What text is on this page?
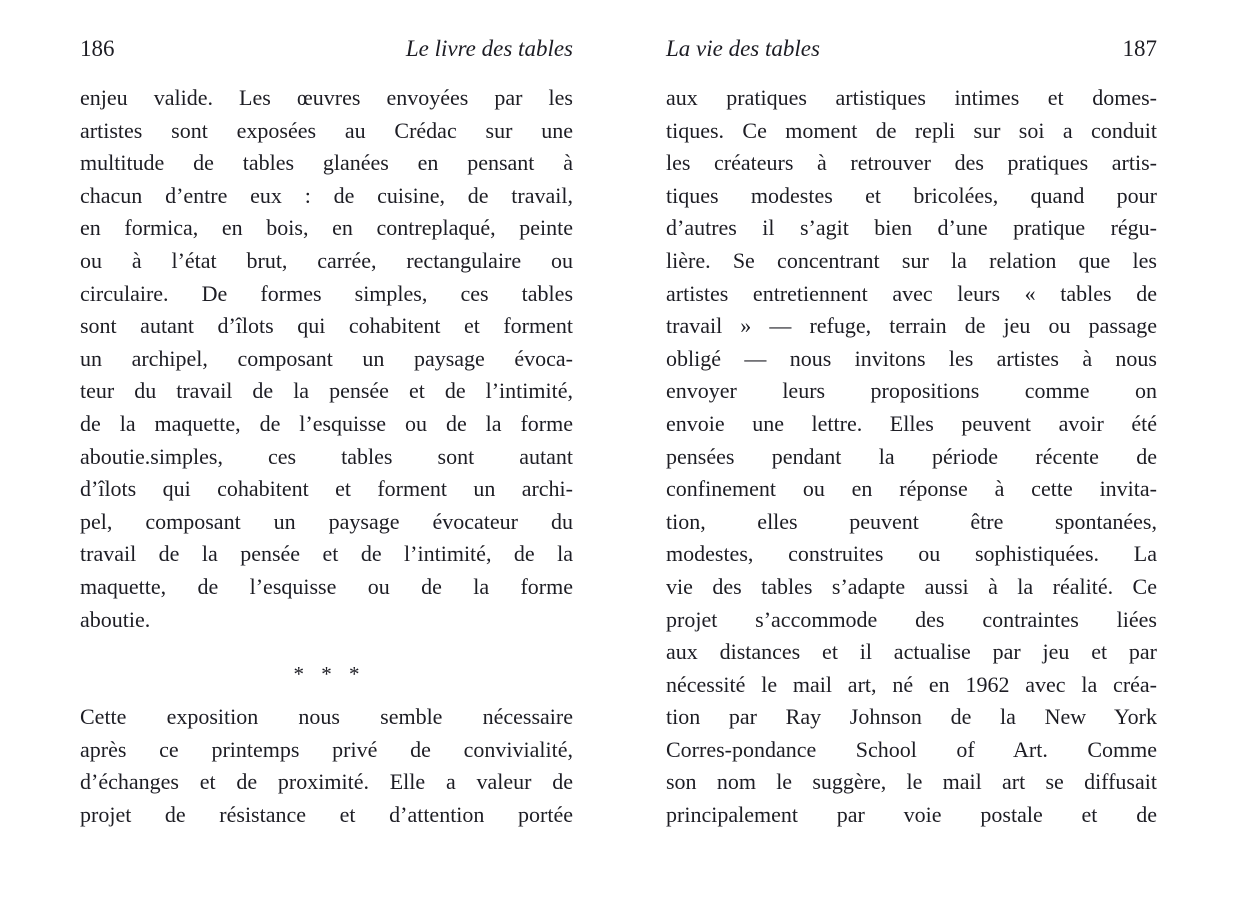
186	Le livre des tables
enjeu valide. Les œuvres envoyées par les
artistes sont exposées au Crédac sur une
multitude de tables glanées en pensant à
chacun d’entre eux : de cuisine, de travail,
en formica, en bois, en contreplaqué, peinte
ou à l’état brut, carrée, rectangulaire ou
circulaire. De formes simples, ces tables
sont autant d’îlots qui cohabitent et forment
un archipel, composant un paysage évoca-
teur du travail de la pensée et de l’intimité,
de la maquette, de l’esquisse ou de la forme
aboutie.simples, ces tables sont autant
d’îlots qui cohabitent et forment un archi-
pel, composant un paysage évocateur du
travail de la pensée et de l’intimité, de la
maquette, de l’esquisse ou de la forme
aboutie.
* * *
Cette exposition nous semble nécessaire
après ce printemps privé de convivialité,
d’échanges et de proximité. Elle a valeur de
projet de résistance et d’attention portée
La vie des tables	187
aux pratiques artistiques intimes et domes-
tiques. Ce moment de repli sur soi a conduit
les créateurs à retrouver des pratiques artis-
tiques modestes et bricolées, quand pour
d’autres il s’agit bien d’une pratique régu-
lière. Se concentrant sur la relation que les
artistes entretiennent avec leurs « tables de
travail » — refuge, terrain de jeu ou passage
obligé — nous invitons les artistes à nous
envoyer leurs propositions comme on
envoie une lettre. Elles peuvent avoir été
pensées pendant la période récente de
confinement ou en réponse à cette invita-
tion, elles peuvent être spontanées,
modestes, construites ou sophistiquées. La
vie des tables s’adapte aussi à la réalité. Ce
projet s’accommode des contraintes liées
aux distances et il actualise par jeu et par
nécessité le mail art, né en 1962 avec la créa-
tion par Ray Johnson de la New York
Corres-pondance School of Art. Comme
son nom le suggère, le mail art se diffusait
principalement par voie postale et de
